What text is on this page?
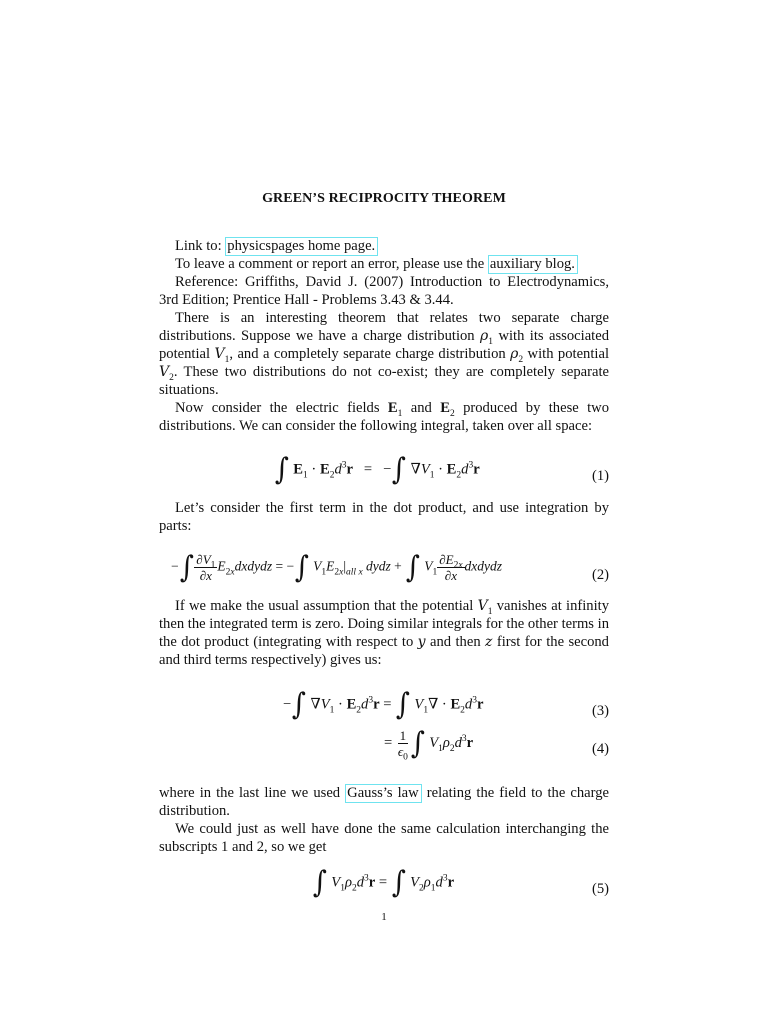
GREEN’S RECIPROCITY THEOREM

Link to: physicspages home page.

To leave a comment or report an error, please use the auxiliary blog.

Reference: Griffiths, David J. (2007) Introduction to Electrodynamics, 3rd Edition; Prentice Hall - Problems 3.43 & 3.44.

There is an interesting theorem that relates two separate charge distributions. Suppose we have a charge distribution $\rho_1$ with its associated potential $V_1$, and a completely separate charge distribution $\rho_2$ with potential $V_2$. These two distributions do not co-exist; they are completely separate situations.

Now consider the electric fields $E_1$ and $E_2$ produced by these two distributions. We can consider the following integral, taken over all space:

∫ $E_1 \cdot E_2d^3r$   =   −∫ $\nabla V_1 \cdot E_2d^3r$	(1)

Let’s consider the first term in the dot product, and use integration by parts:

−∫ $\frac{\partial V_1}{\partial x}$ $E_{2x}dxdydz$ = −∫ $V_1E_{2x}|_{all x}$ dydz + ∫ $V_1 \frac{\partial E_{2x}}{\partial x}$ dxdydz
(2)

If we make the usual assumption that the potential $V_1$ vanishes at infinity then the integrated term is zero. Doing similar integrals for the other terms in the dot product (integrating with respect to y and then z first for the second and third terms respectively) gives us:

−∫ $\nabla V_1 \cdot E_2d^3r$ = ∫ $V_1\nabla \cdot E_2d^3r$	(3)
= $\frac{1}{\epsilon_0}$ ∫ $V_1\rho_2d^3r$	(4)

where in the last line we used Gauss’s law relating the field to the charge distribution.

We could just as well have done the same calculation interchanging the subscripts 1 and 2, so we get

∫ $V_1\rho_2d^3r$ = ∫ $V_2\rho_1d^3r$	(5)
1
